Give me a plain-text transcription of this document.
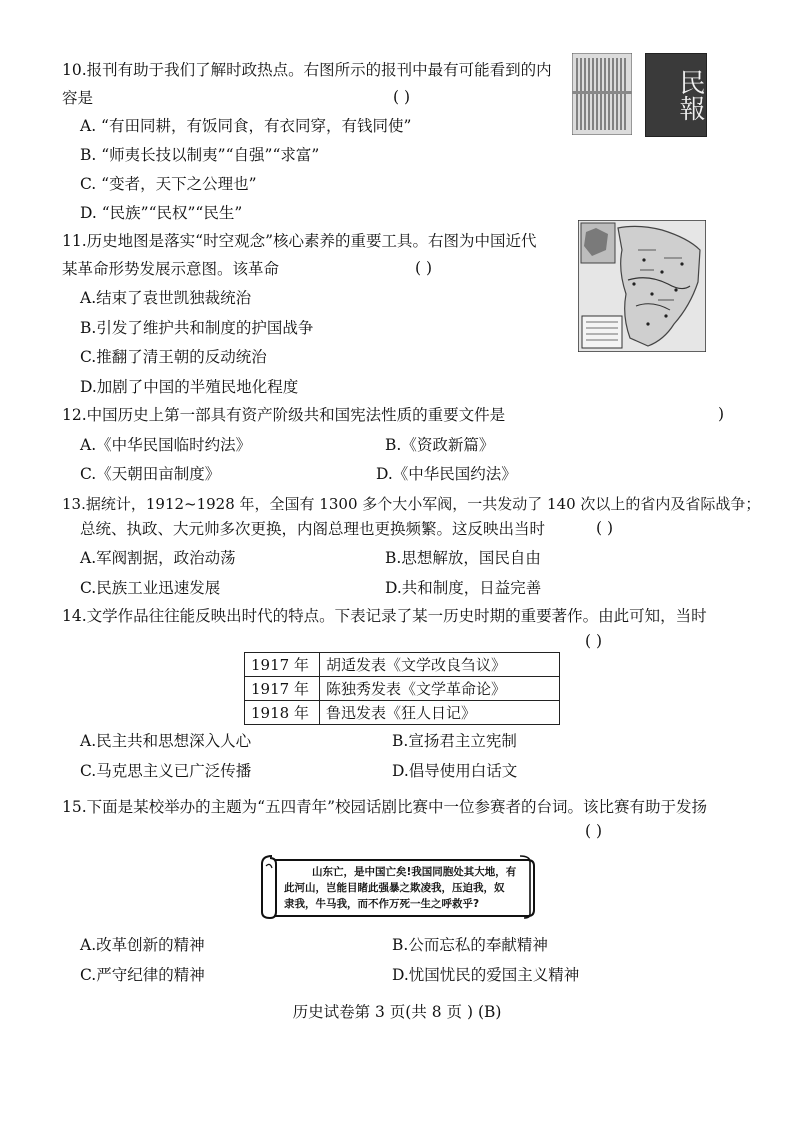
10.报刊有助于我们了解时政热点。右图所示的报刊中最有可能看到的内
容是	( )
A. “有田同耕，有饭同食，有衣同穿，有钱同使”
B. “师夷长技以制夷”“自强”“求富”
C. “变者，天下之公理也”
D. “民族”“民权”“民生”
民報
11.历史地图是落实“时空观念”核心素养的重要工具。右图为中国近代
某革命形势发展示意图。该革命	( )
A.结束了袁世凯独裁统治
B.引发了维护共和制度的护国战争
C.推翻了清王朝的反动统治
D.加剧了中国的半殖民地化程度
12.中国历史上第一部具有资产阶级共和国宪法性质的重要文件是	)
A.《中华民国临时约法》	B.《资政新篇》
C.《天朝田亩制度》	D.《中华民国约法》
13.据统计，1912~1928 年，全国有 1300 多个大小军阀，一共发动了 140 次以上的省内及省际战争；
总统、执政、大元帅多次更换，内阁总理也更换频繁。这反映出当时	( )
A.军阀割据，政治动荡	B.思想解放，国民自由
C.民族工业迅速发展	D.共和制度，日益完善
14.文学作品往往能反映出时代的特点。下表记录了某一历史时期的重要著作。由此可知，当时
( )
1917 年	胡适发表《文学改良刍议》
1917 年	陈独秀发表《文学革命论》
1918 年	鲁迅发表《狂人日记》
A.民主共和思想深入人心	B.宣扬君主立宪制
C.马克思主义已广泛传播	D.倡导使用白话文
15.下面是某校举办的主题为“五四青年”校园话剧比赛中一位参赛者的台词。该比赛有助于发扬
( )
山东亡，是中国亡矣!我国同胞处其大地，有
此河山，岂能目睹此强暴之欺凌我，压迫我，奴
隶我，牛马我，而不作万死一生之呼救乎?
A.改革创新的精神	B.公而忘私的奉献精神
C.严守纪律的精神	D.忧国忧民的爱国主义精神
历史试卷第 3 页(共 8 页 ) (B)
